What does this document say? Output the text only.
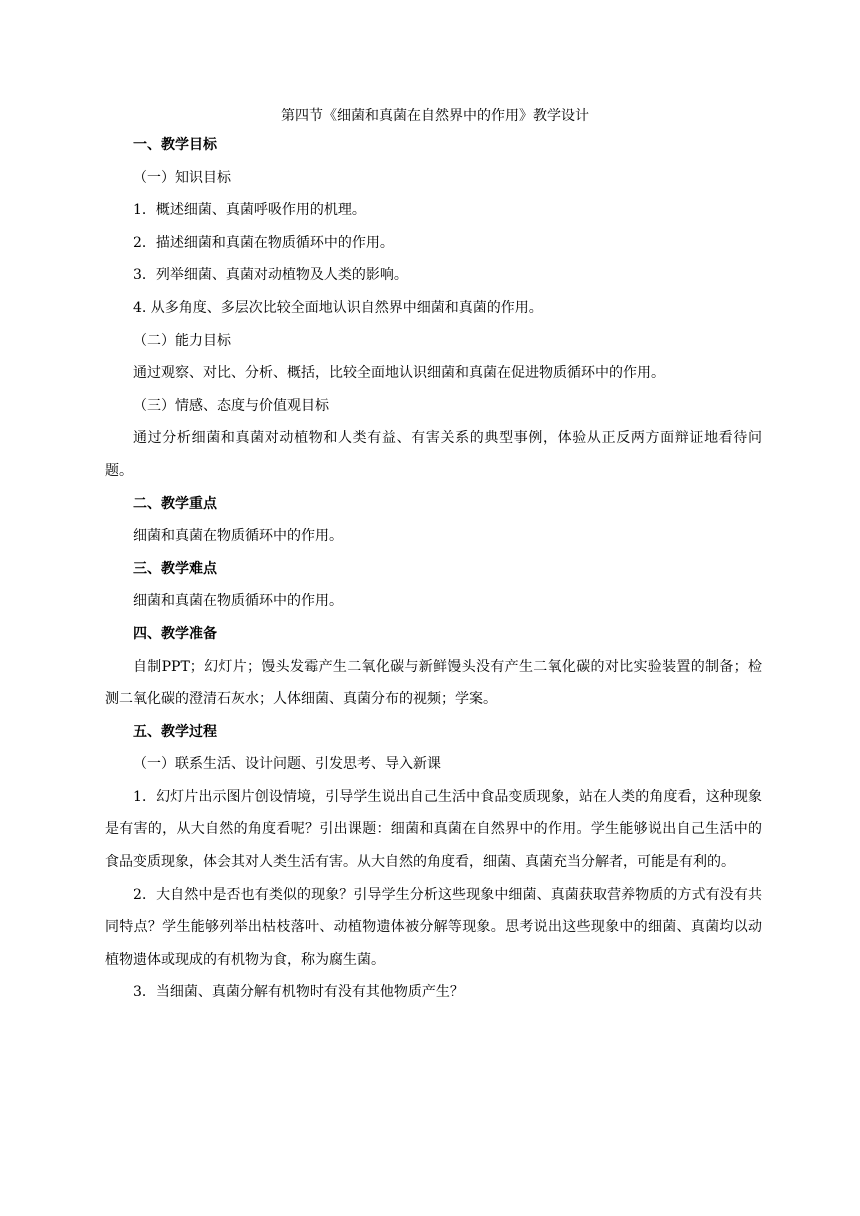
第四节《细菌和真菌在自然界中的作用》教学设计

一、教学目标

（一）知识目标

1．概述细菌、真菌呼吸作用的机理。

2．描述细菌和真菌在物质循环中的作用。

3．列举细菌、真菌对动植物及人类的影响。

4. 从多角度、多层次比较全面地认识自然界中细菌和真菌的作用。

（二）能力目标

通过观察、对比、分析、概括，比较全面地认识细菌和真菌在促进物质循环中的作用。

（三）情感、态度与价值观目标

通过分析细菌和真菌对动植物和人类有益、有害关系的典型事例，体验从正反两方面辩证地看待问题。

二、教学重点

细菌和真菌在物质循环中的作用。

三、教学难点

细菌和真菌在物质循环中的作用。

四、教学准备

自制PPT；幻灯片；馒头发霉产生二氧化碳与新鲜馒头没有产生二氧化碳的对比实验装置的制备；检测二氧化碳的澄清石灰水；人体细菌、真菌分布的视频；学案。

五、教学过程

（一）联系生活、设计问题、引发思考、导入新课

1．幻灯片出示图片创设情境，引导学生说出自己生活中食品变质现象，站在人类的角度看，这种现象是有害的，从大自然的角度看呢？引出课题：细菌和真菌在自然界中的作用。学生能够说出自己生活中的食品变质现象，体会其对人类生活有害。从大自然的角度看，细菌、真菌充当分解者，可能是有利的。

2．大自然中是否也有类似的现象？引导学生分析这些现象中细菌、真菌获取营养物质的方式有没有共同特点？学生能够列举出枯枝落叶、动植物遗体被分解等现象。思考说出这些现象中的细菌、真菌均以动植物遗体或现成的有机物为食，称为腐生菌。

3．当细菌、真菌分解有机物时有没有其他物质产生？
